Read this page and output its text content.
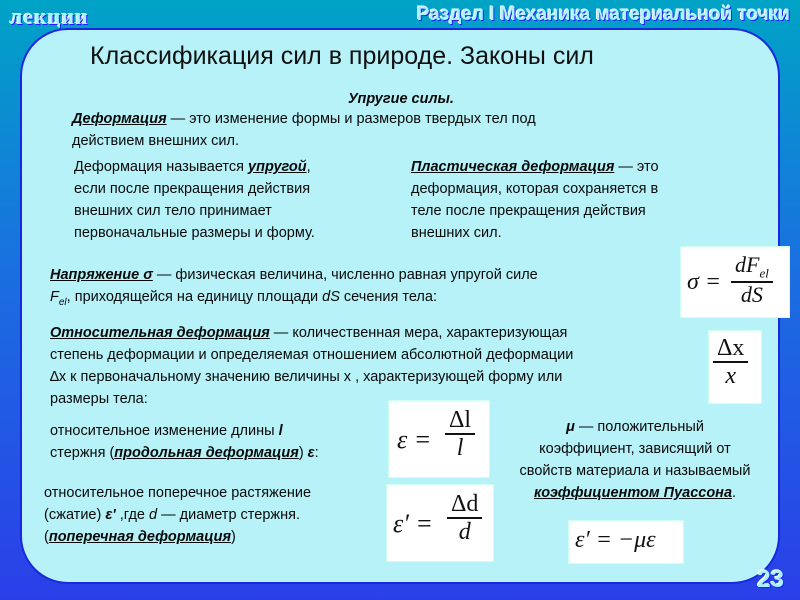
лекции	Раздел I Механика материальной точки
Классификация сил в природе. Законы сил
Упругие силы.
Деформация — это изменение формы и размеров твердых тел под
действием внешних сил.
Деформация называется упругой,
если после прекращения действия
внешних сил тело принимает
первоначальные размеры и форму.
Пластическая деформация — это
деформация, которая сохраняется в
теле после прекращения действия
внешних сил.
Напряжение σ — физическая величина, численно равная упругой силе
$F_{el}$, приходящейся на единицу площади dS сечения тела:
σ =
$dF_{el}$
dS
Относительная деформация — количественная мера, характеризующая
степень деформации и определяемая отношением абсолютной деформации
∆x к первоначальному значению величины x , характеризующей форму или
размеры тела:
$\frac{\Delta x}{x}$
относительное изменение длины l
стержня (продольная деформация) ε:	$\varepsilon = \frac{\Delta l}{l}$
относительное поперечное растяжение
(сжатие) ε' ,где d — диаметр стержня.
(поперечная деформация)	$\varepsilon' = \frac{\Delta d}{d}$
μ — положительный
коэффициент, зависящий от
свойств материала и называемый
коэффициентом Пуассона.
ε′ = −με
23
